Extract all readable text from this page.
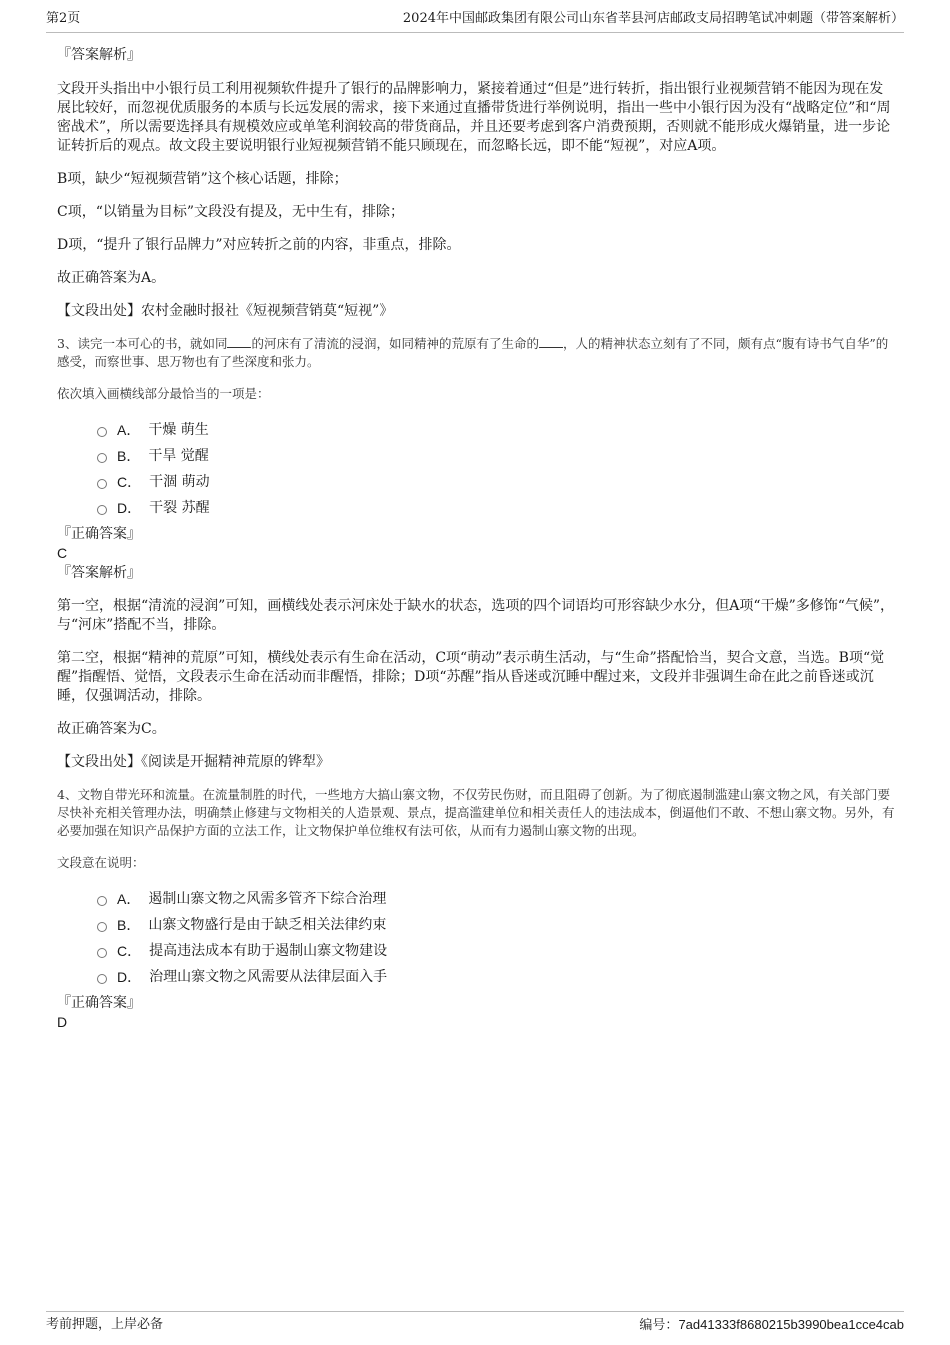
第2页	2024年中国邮政集团有限公司山东省莘县河店邮政支局招聘笔试冲刺题（带答案解析）
『答案解析』

文段开头指出中小银行员工利用视频软件提升了银行的品牌影响力，紧接着通过“但是”进行转折，指出银行业视频营销不能因为现在发展比较好，而忽视优质服务的本质与长远发展的需求，接下来通过直播带货进行举例说明，指出一些中小银行因为没有“战略定位”和“周密战术”，所以需要选择具有规模效应或单笔利润较高的带货商品，并且还要考虑到客户消费预期，否则就不能形成火爆销量，进一步论证转折后的观点。故文段主要说明银行业短视频营销不能只顾现在，而忽略长远，即不能“短视”，对应A项。

B项，缺少“短视频营销”这个核心话题，排除；

C项，“以销量为目标”文段没有提及，无中生有，排除；

D项，“提升了银行品牌力”对应转折之前的内容，非重点，排除。

故正确答案为A。

【文段出处】农村金融时报社《短视频营销莫“短视”》

3、读完一本可心的书，就如同 的河床有了清流的浸润，如同精神的荒原有了生命的 ，人的精神状态立刻有了不同，颇有点“腹有诗书气自华”的感受，而察世事、思万物也有了些深度和张力。

依次填入画横线部分最恰当的一项是：

A． 干燥 萌生
B． 干旱 觉醒
C． 干涸 萌动
D． 干裂 苏醒
『正确答案』
C
『答案解析』

第一空，根据“清流的浸润”可知，画横线处表示河床处于缺水的状态，选项的四个词语均可形容缺少水分，但A项“干燥”多修饰“气候”，与“河床”搭配不当，排除。

第二空，根据“精神的荒原”可知，横线处表示有生命在活动，C项“萌动”表示萌生活动，与“生命”搭配恰当，契合文意，当选。B项“觉醒”指醒悟、觉悟，文段表示生命在活动而非醒悟，排除；D项“苏醒”指从昏迷或沉睡中醒过来，文段并非强调生命在此之前昏迷或沉睡，仅强调活动，排除。

故正确答案为C。

【文段出处】《阅读是开掘精神荒原的铧犁》

4、文物自带光环和流量。在流量制胜的时代，一些地方大搞山寨文物，不仅劳民伤财，而且阻碍了创新。为了彻底遏制滥建山寨文物之风，有关部门要尽快补充相关管理办法，明确禁止修建与文物相关的人造景观、景点，提高滥建单位和相关责任人的违法成本，倒逼他们不敢、不想山寨文物。另外，有必要加强在知识产品保护方面的立法工作，让文物保护单位维权有法可依，从而有力遏制山寨文物的出现。

文段意在说明：

A． 遏制山寨文物之风需多管齐下综合治理
B． 山寨文物盛行是由于缺乏相关法律约束
C． 提高违法成本有助于遏制山寨文物建设
D． 治理山寨文物之风需要从法律层面入手
『正确答案』
D
考前押题，上岸必备	编号：7ad41333f8680215b3990bea1cce4cab
